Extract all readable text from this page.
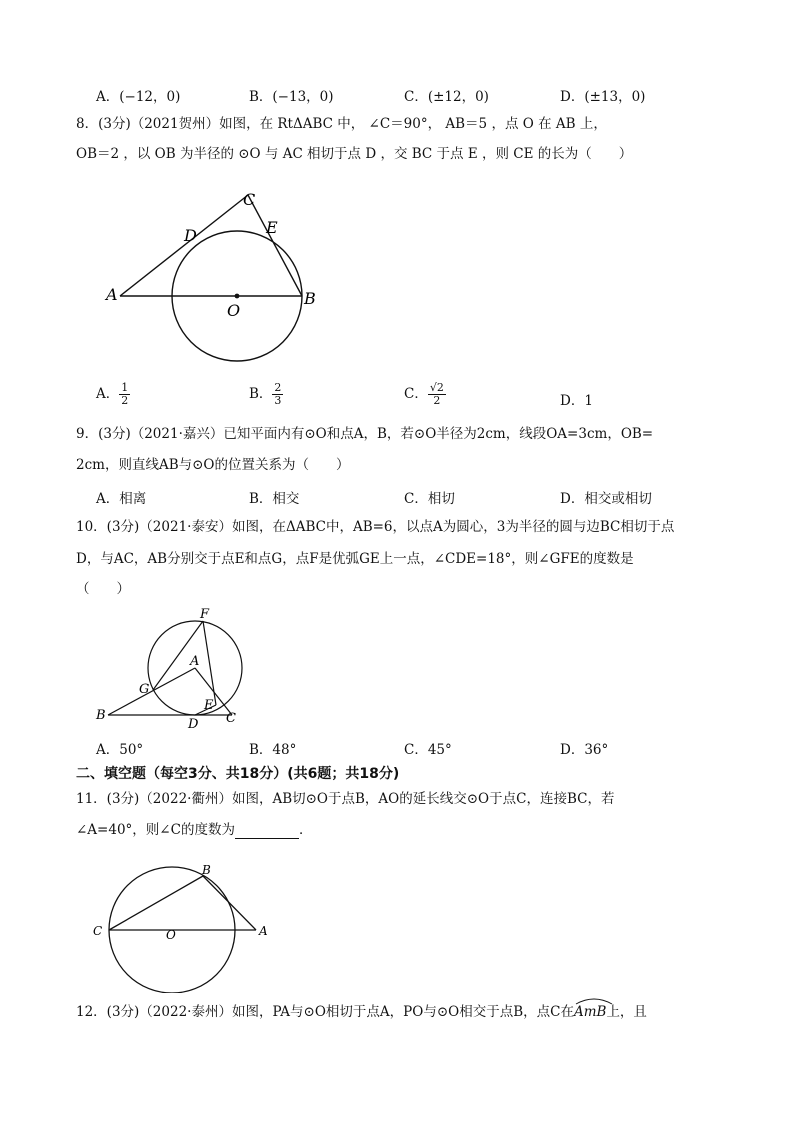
A．(−12，0)	B．(−13，0)	C．(±12，0)	D．(±13，0)
8．(3分)（2021贺州）如图，在 RtΔABC 中， ∠C＝90°， AB＝5 ，点 O 在 AB 上，
OB＝2 ，以 OB 为半径的 ⊙O 与 AC 相切于点 D ，交 BC 于点 E ，则 CE 的长为（　　）
C
D	E
A	B
O
A． $\frac{1}{2}$	B． $\frac{2}{3}$	C． $\frac{√2}{2}$	D．1
9．(3分)（2021·嘉兴）已知平面内有⊙O和点A，B，若⊙O半径为2cm，线段OA=3cm，OB=
2cm，则直线AB与⊙O的位置关系为（　　）
A．相离	B．相交	C．相切	D．相交或相切
10．(3分)（2021·泰安）如图，在ΔABC中，AB=6，以点A为圆心，3为半径的圆与边BC相切于点
D，与AC，AB分别交于点E和点G，点F是优弧GE上一点，∠CDE=18°，则∠GFE的度数是
（　　）
F
A
G
E
B
D C
A．50°	B．48°	C．45°	D．36°
二、填空题（每空3分、共18分）(共6题；共18分)
11．(3分)（2022·衢州）如图，AB切⊙O于点B，AO的延长线交⊙O于点C，连接BC，若
∠A=40°，则∠C的度数为	．
B
C	O	A
12．(3分)（2022·泰州）如图，PA与⊙O相切于点A，PO与⊙O相交于点B，点C在
AmB上，且
